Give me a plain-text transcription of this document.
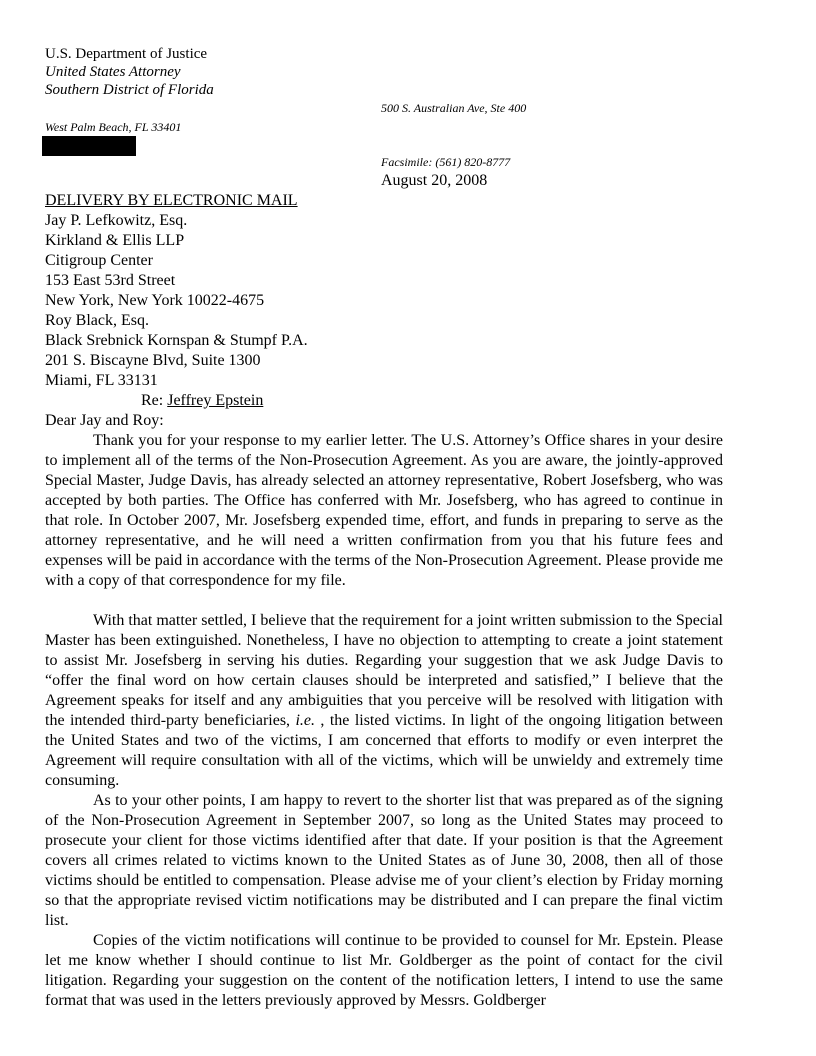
U.S. Department of Justice
United States Attorney
Southern District of Florida
500 S. Australian Ave, Ste 400
West Palm Beach, FL 33401
Facsimile: (561) 820-8777
August 20, 2008
DELIVERY BY ELECTRONIC MAIL
Jay P. Lefkowitz, Esq.
Kirkland & Ellis LLP
Citigroup Center
153 East 53rd Street
New York, New York 10022-4675
Roy Black, Esq.
Black Srebnick Kornspan & Stumpf P.A.
201 S. Biscayne Blvd, Suite 1300
Miami, FL 33131
Re: Jeffrey Epstein
Dear Jay and Roy:
Thank you for your response to my earlier letter. The U.S. Attorney’s Office shares in your desire to implement all of the terms of the Non-Prosecution Agreement. As you are aware, the jointly-approved Special Master, Judge Davis, has already selected an attorney representative, Robert Josefsberg, who was accepted by both parties. The Office has conferred with Mr. Josefsberg, who has agreed to continue in that role. In October 2007, Mr. Josefsberg expended time, effort, and funds in preparing to serve as the attorney representative, and he will need a written confirmation from you that his future fees and expenses will be paid in accordance with the terms of the Non-Prosecution Agreement. Please provide me with a copy of that correspondence for my file.
With that matter settled, I believe that the requirement for a joint written submission to the Special Master has been extinguished. Nonetheless, I have no objection to attempting to create a joint statement to assist Mr. Josefsberg in serving his duties. Regarding your suggestion that we ask Judge Davis to “offer the final word on how certain clauses should be interpreted and satisfied,” I believe that the Agreement speaks for itself and any ambiguities that you perceive will be resolved with litigation with the intended third-party beneficiaries, i.e. , the listed victims. In light of the ongoing litigation between the United States and two of the victims, I am concerned that efforts to modify or even interpret the Agreement will require consultation with all of the victims, which will be unwieldy and extremely time consuming.
As to your other points, I am happy to revert to the shorter list that was prepared as of the signing of the Non-Prosecution Agreement in September 2007, so long as the United States may proceed to prosecute your client for those victims identified after that date. If your position is that the Agreement covers all crimes related to victims known to the United States as of June 30, 2008, then all of those victims should be entitled to compensation. Please advise me of your client’s election by Friday morning so that the appropriate revised victim notifications may be distributed and I can prepare the final victim list.
Copies of the victim notifications will continue to be provided to counsel for Mr. Epstein. Please let me know whether I should continue to list Mr. Goldberger as the point of contact for the civil litigation. Regarding your suggestion on the content of the notification letters, I intend to use the same format that was used in the letters previously approved by Messrs. Goldberger
